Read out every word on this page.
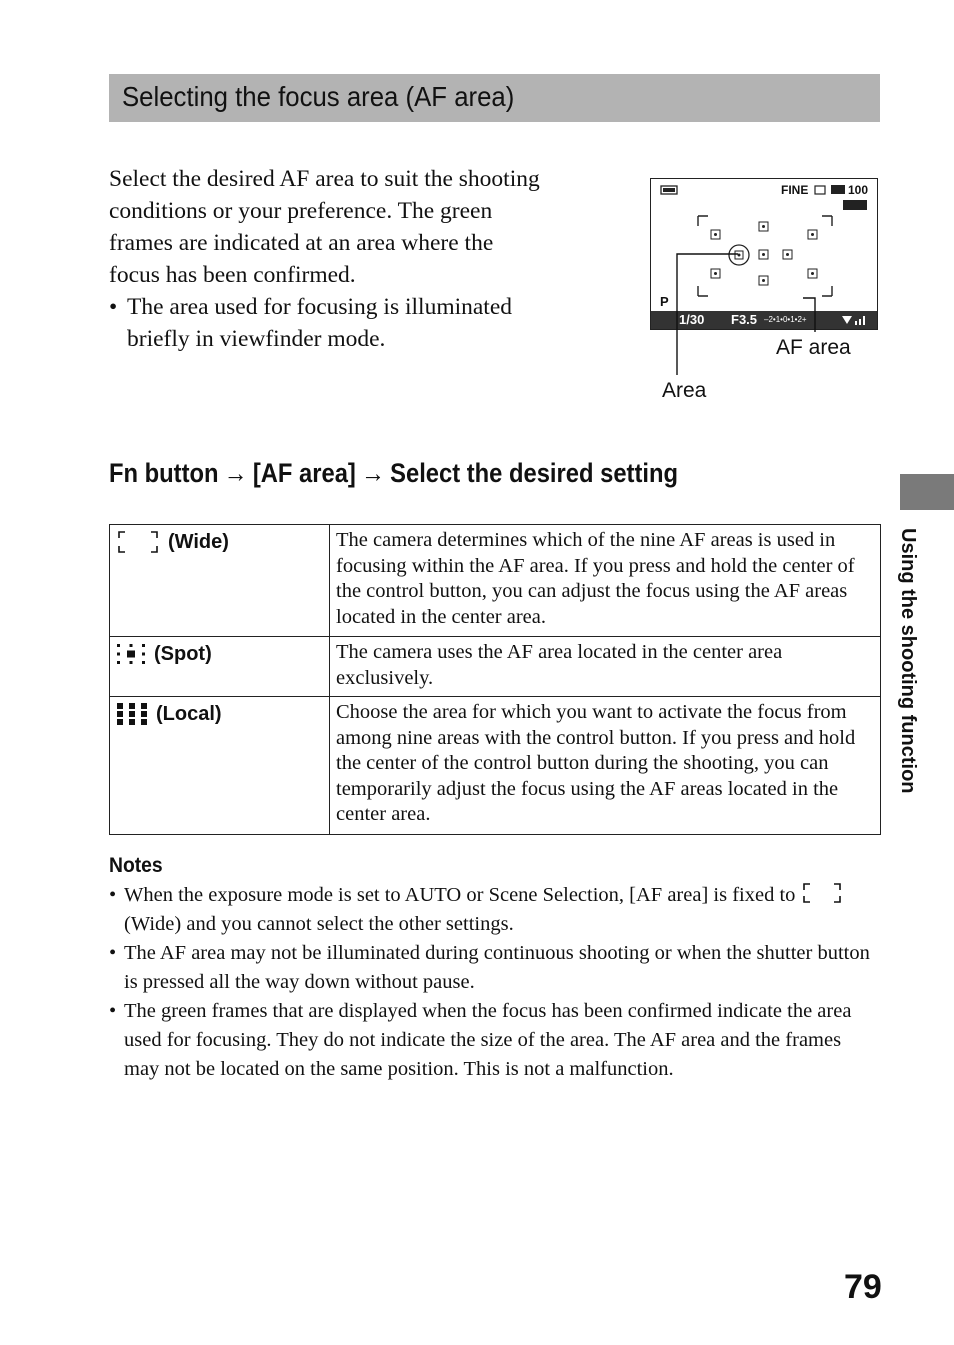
Selecting the focus area (AF area)

Select the desired AF area to suit the shooting conditions or your preference. The green frames are indicated at an area where the focus has been confirmed.

• The area used for focusing is illuminated briefly in viewfinder mode.
FINE	100
P
1/30 F3.5 –2•1•0•1•2+
AF area
Area
Fn button → [AF area] → Select the desired setting
(Wide)	The camera determines which of the nine AF areas is used in focusing within the AF area. If you press and hold the center of the control button, you can adjust the focus using the AF areas located in the center area.

(Spot)	The camera uses the AF area located in the center area exclusively.

(Local)	Choose the area for which you want to activate the focus from among nine areas with the control button. If you press and hold the center of the control button during the shooting, you can temporarily adjust the focus using the AF areas located in the center area.
Notes
• When the exposure mode is set to AUTO or Scene Selection, [AF area] is fixed to (Wide) and you cannot select the other settings.
• The AF area may not be illuminated during continuous shooting or when the shutter button is pressed all the way down without pause.
• The green frames that are displayed when the focus has been confirmed indicate the area used for focusing. They do not indicate the size of the area. The AF area and the frames may not be located on the same position. This is not a malfunction.
Using the shooting function
79
